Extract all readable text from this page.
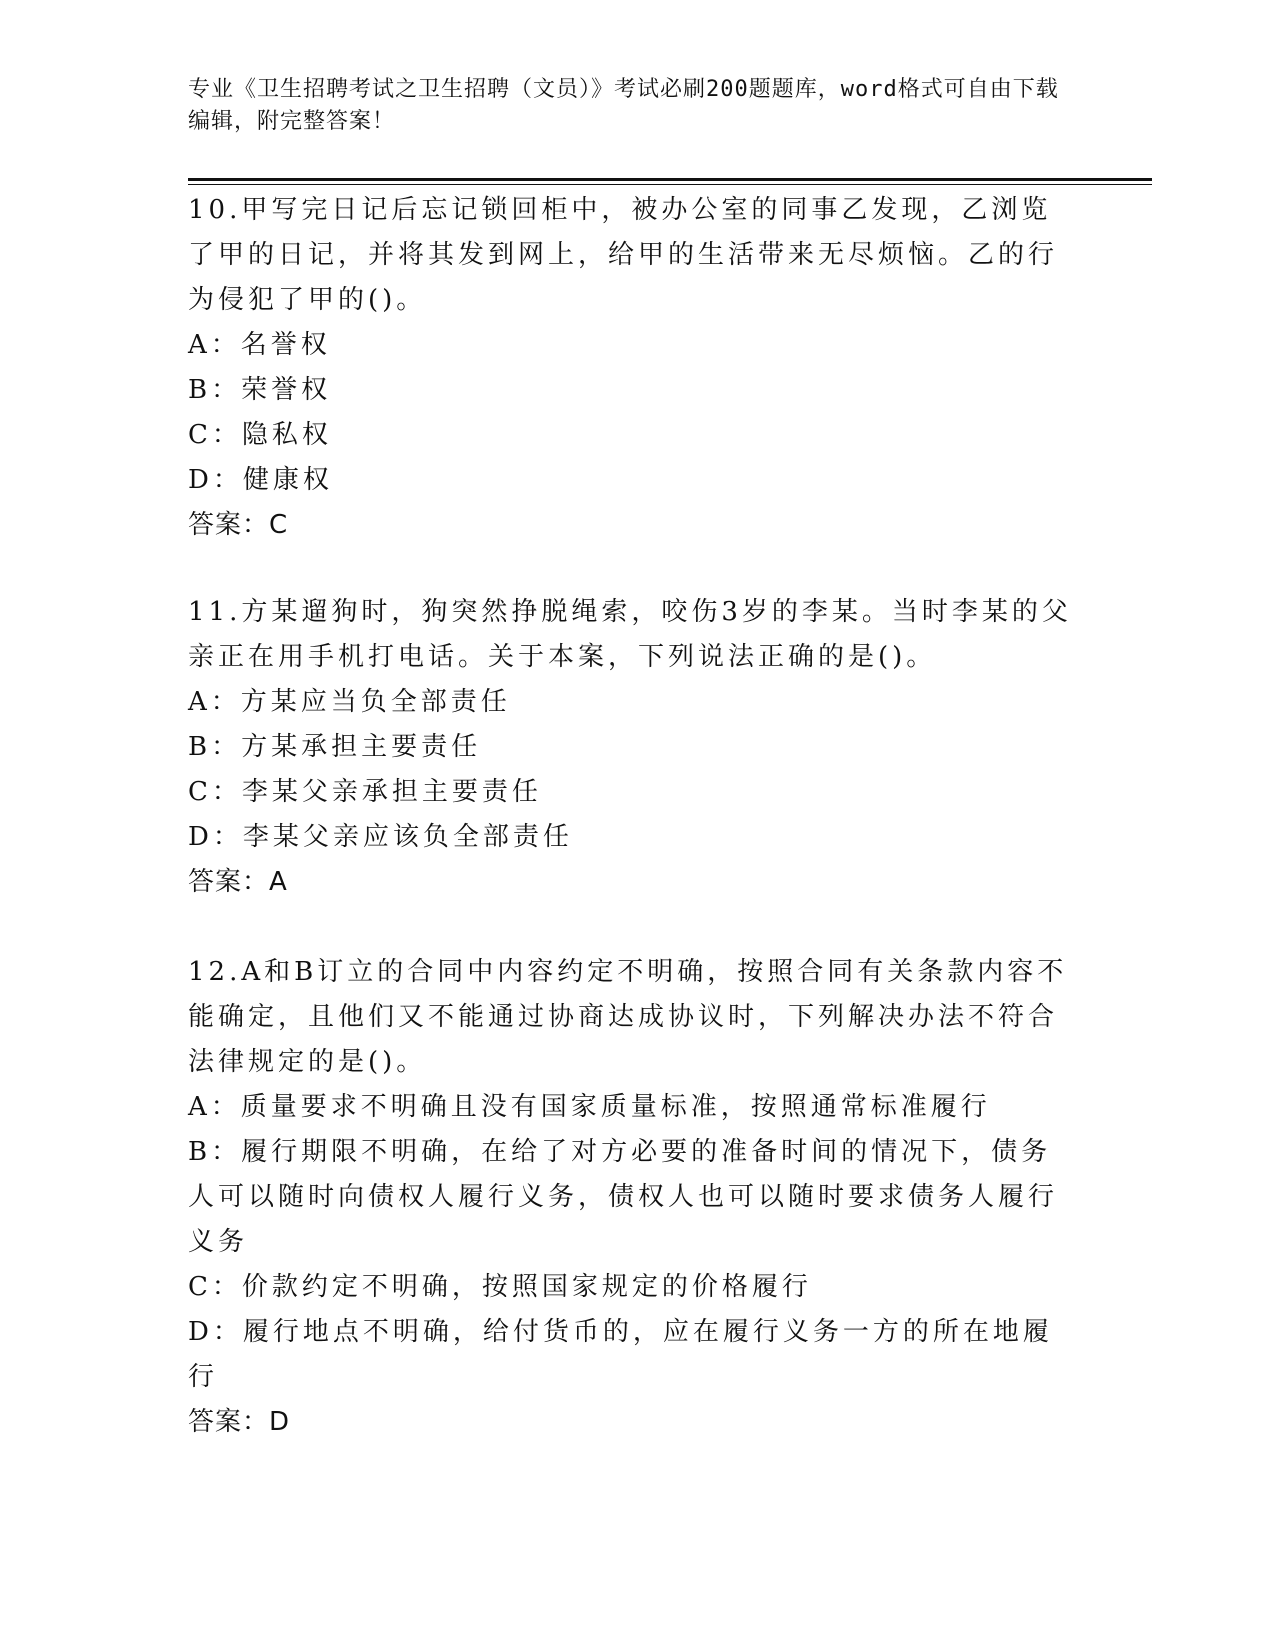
专业《卫生招聘考试之卫生招聘（文员）》考试必刷200题题库，word格式可自由下载编辑，附完整答案！

10.甲写完日记后忘记锁回柜中，被办公室的同事乙发现，乙浏览了甲的日记，并将其发到网上，给甲的生活带来无尽烦恼。乙的行为侵犯了甲的()。

A：名誉权

B：荣誉权

C：隐私权

D：健康权

答案：C

11.方某遛狗时，狗突然挣脱绳索，咬伤3岁的李某。当时李某的父亲正在用手机打电话。关于本案，下列说法正确的是()。

A：方某应当负全部责任

B：方某承担主要责任

C：李某父亲承担主要责任

D：李某父亲应该负全部责任

答案：A

12.A和B订立的合同中内容约定不明确，按照合同有关条款内容不能确定，且他们又不能通过协商达成协议时，下列解决办法不符合法律规定的是()。

A：质量要求不明确且没有国家质量标准，按照通常标准履行

B：履行期限不明确，在给了对方必要的准备时间的情况下，债务人可以随时向债权人履行义务，债权人也可以随时要求债务人履行义务

C：价款约定不明确，按照国家规定的价格履行

D：履行地点不明确，给付货币的，应在履行义务一方的所在地履行

答案：D
